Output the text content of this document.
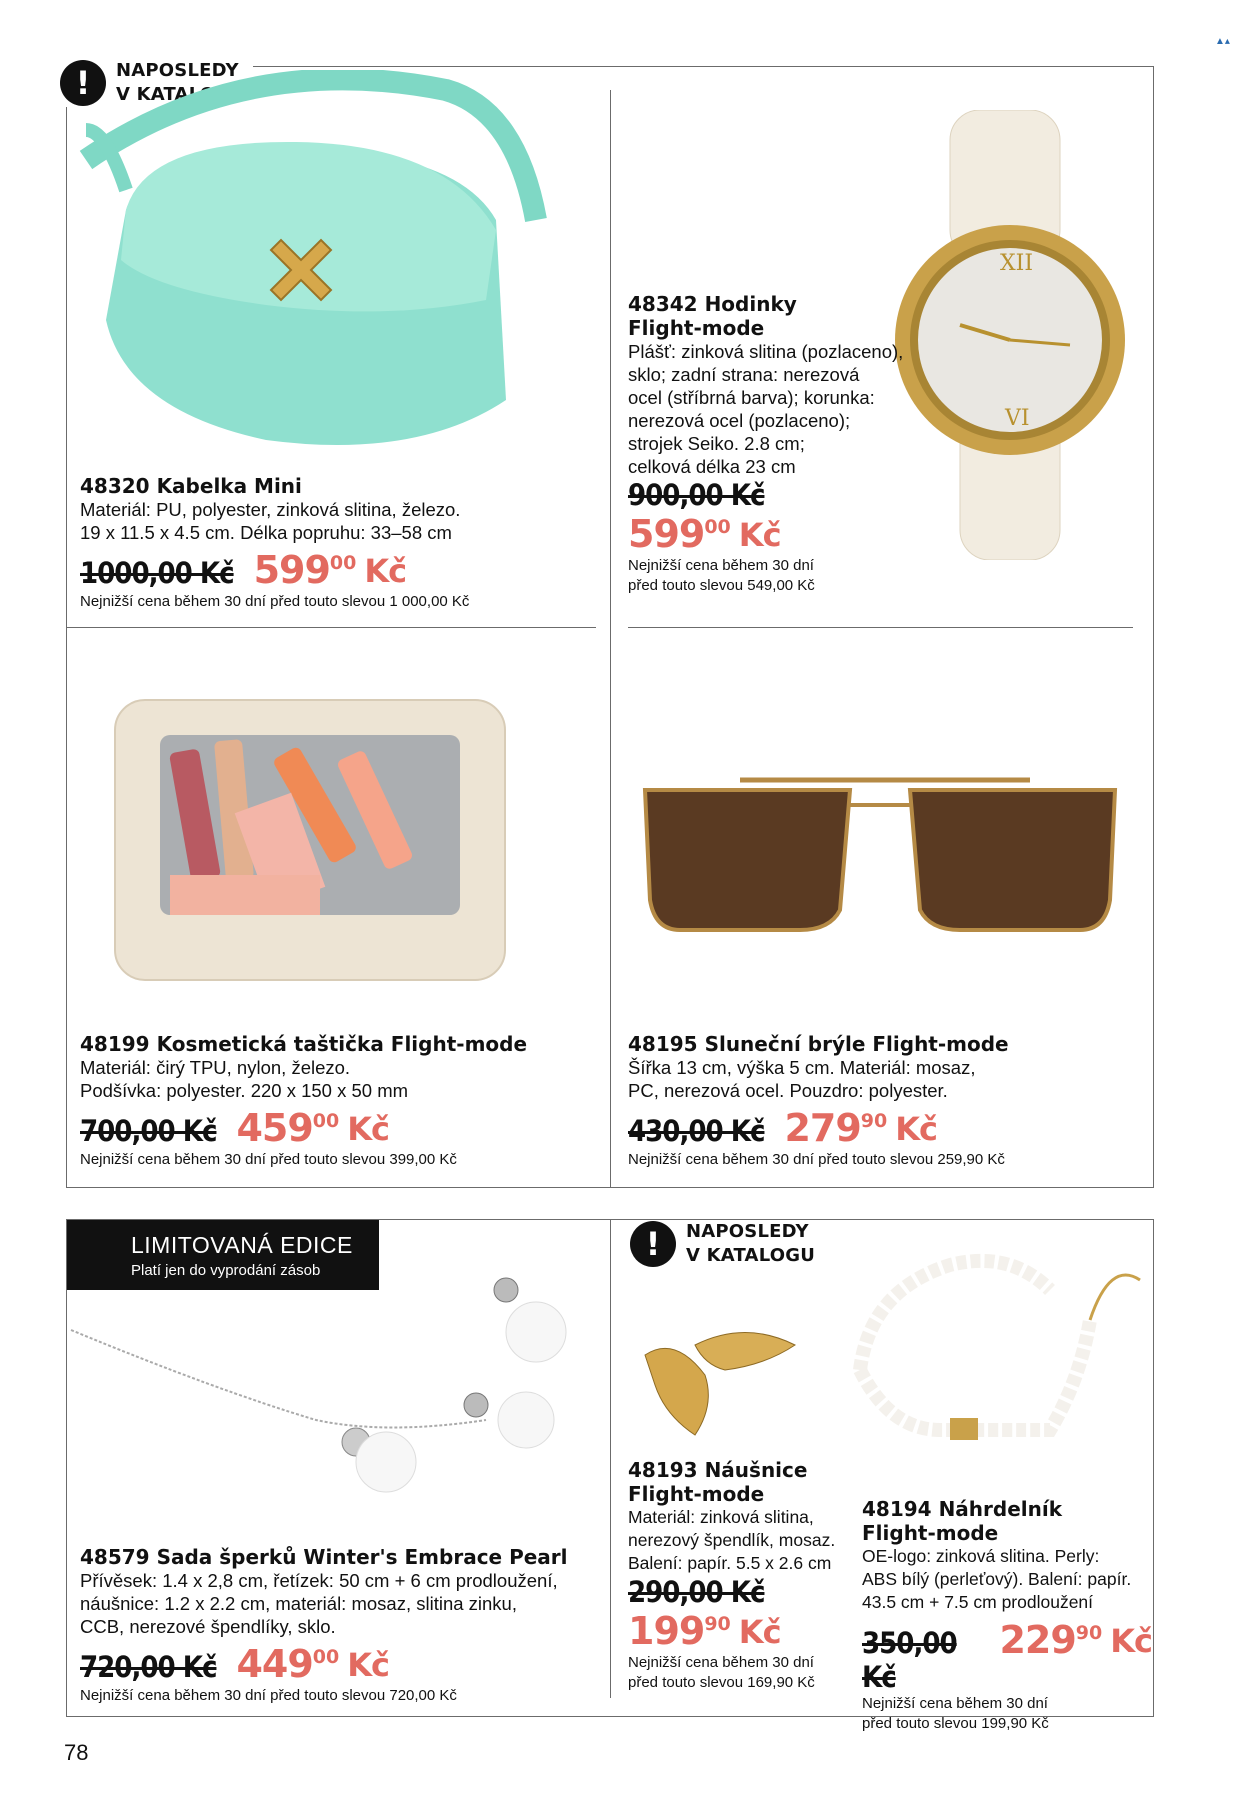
▲▴
!	NAPOSLEDY
V KATALOGU
!	NAPOSLEDY
V KATALOGU
XII
VI
48320 Kabelka Mini
Materiál: PU, polyester, zinková slitina, železo.
19 x 11.5 x 4.5 cm. Délka popruhu: 33–58 cm
1000,00 Kč 599 00 Kč
Nejnižší cena během 30 dní před touto slevou 1 000,00 Kč
48342 Hodinky
Flight-mode
Plášť: zinková slitina (pozlaceno),
sklo; zadní strana: nerezová
ocel (stříbrná barva); korunka:
nerezová ocel (pozlaceno);
strojek Seiko. 2.8 cm;
celková délka 23 cm
900,00 Kč
599 00 Kč
Nejnižší cena během 30 dní
před touto slevou 549,00 Kč
48199 Kosmetická taštička Flight-mode
Materiál: čirý TPU, nylon, železo.
Podšívka: polyester. 220 x 150 x 50 mm
700,00 Kč 459 00 Kč
Nejnižší cena během 30 dní před touto slevou 399,00 Kč
48195 Sluneční brýle Flight-mode
Šířka 13 cm, výška 5 cm. Materiál: mosaz,
PC, nerezová ocel. Pouzdro: polyester.
430,00 Kč 279 90 Kč
Nejnižší cena během 30 dní před touto slevou 259,90 Kč
LIMITOVANÁ EDICE
Platí jen do vyprodání zásob
48579 Sada šperků Winter's Embrace Pearl
Přívěsek: 1.4 x 2,8 cm, řetízek: 50 cm + 6 cm prodloužení,
náušnice: 1.2 x 2.2 cm, materiál: mosaz, slitina zinku,
CCB, nerezové špendlíky, sklo.
720,00 Kč 449 00 Kč
Nejnižší cena během 30 dní před touto slevou 720,00 Kč
48193 Náušnice
Flight-mode
Materiál: zinková slitina,
nerezový špendlík, mosaz.
Balení: papír. 5.5 x 2.6 cm
290,00 Kč
199 90 Kč
Nejnižší cena během 30 dní
před touto slevou 169,90 Kč
48194 Náhrdelník
Flight-mode
OE-logo: zinková slitina. Perly:
ABS bílý (perleťový). Balení: papír.
43.5 cm + 7.5 cm prodloužení
350,00 Kč
229 90 Kč
Nejnižší cena během 30 dní
před touto slevou 199,90 Kč
78
